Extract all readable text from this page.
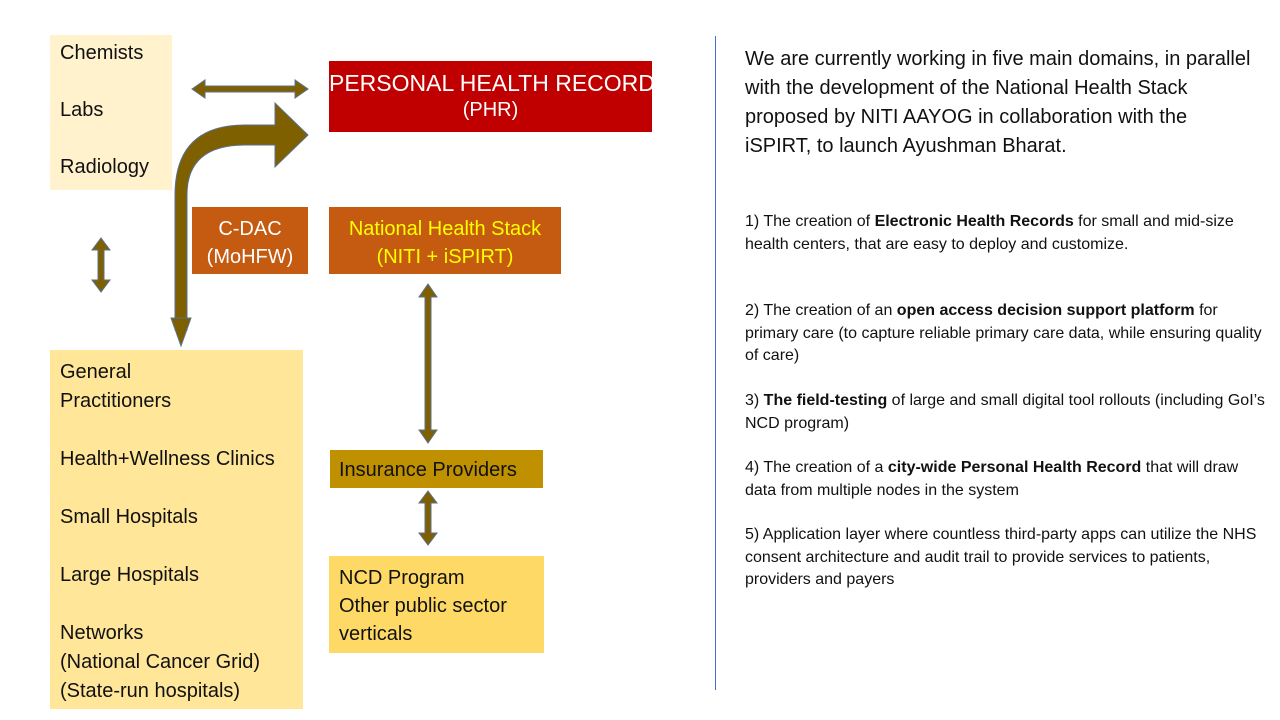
Chemists
Labs
Radiology
PERSONAL HEALTH RECORD
(PHR)
C-DAC
(MoHFW)
National Health Stack
(NITI + iSPIRT)
General
Practitioners
Health+Wellness Clinics
Small Hospitals
Large Hospitals
Networks
(National Cancer Grid)
(State-run hospitals)
Insurance Providers
NCD Program
Other public sector
verticals
We are currently working in five main domains, in parallel with the development of the National Health Stack proposed by NITI AAYOG in collaboration with the iSPIRT, to launch Ayushman Bharat.
1) The creation of Electronic Health Records for small and mid-size health centers, that are easy to deploy and customize.
2) The creation of an open access decision support platform for primary care (to capture reliable primary care data, while ensuring quality of care)
3) The field-testing of large and small digital tool rollouts (including GoI’s NCD program)
4) The creation of a city-wide Personal Health Record that will draw data from multiple nodes in the system
5) Application layer where countless third-party apps can utilize the NHS consent architecture and audit trail to provide services to patients, providers and payers
